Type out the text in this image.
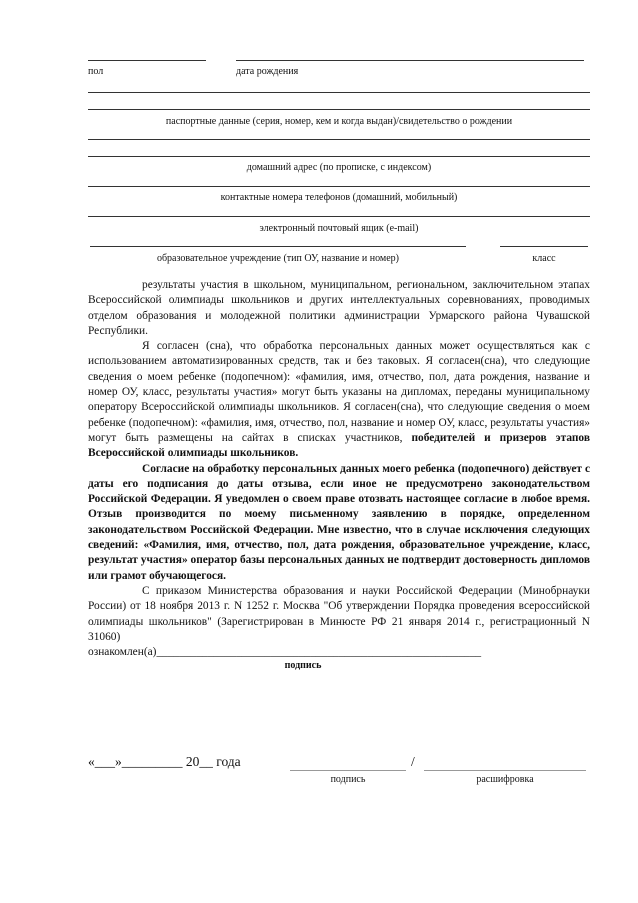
пол	дата рождения
паспортные данные (серия, номер, кем и когда выдан)/свидетельство о рождении
домашний адрес (по прописке, с индексом)
контактные номера телефонов (домашний, мобильный)
электронный почтовый ящик (e-mail)
образовательное учреждение (тип ОУ, название и номер)	класс

результаты участия в школьном, муниципальном, региональном, заключительном этапах Всероссийской олимпиады школьников и других интеллектуальных соревнованиях, проводимых отделом образования и молодежной политики администрации Урмарского района Чувашской Республики.

Я согласен (сна), что обработка персональных данных может осуществляться как с использованием автоматизированных средств, так и без таковых. Я согласен(сна), что следующие сведения о моем ребенке (подопечном): «фамилия, имя, отчество, пол, дата рождения, название и номер ОУ, класс, результаты участия» могут быть указаны на дипломах, переданы муниципальному оператору Всероссийской олимпиады школьников. Я согласен(сна), что следующие сведения о моем ребенке (подопечном): «фамилия, имя, отчество, пол, название и номер ОУ, класс, результаты участия» могут быть размещены на сайтах в списках участников, победителей и призеров этапов Всероссийской олимпиады школьников.

Согласие на обработку персональных данных моего ребенка (подопечного) действует с даты его подписания до даты отзыва, если иное не предусмотрено законодательством Российской Федерации. Я уведомлен о своем праве отозвать настоящее согласие в любое время. Отзыв производится по моему письменному заявлению в порядке, определенном законодательством Российской Федерации. Мне известно, что в случае исключения следующих сведений: «Фамилия, имя, отчество, пол, дата рождения, образовательное учреждение, класс, результат участия» оператор базы персональных данных не подтвердит достоверность дипломов или грамот обучающегося.

С приказом Министерства образования и науки Российской Федерации (Минобрнауки России) от 18 ноября 2013 г. N 1252 г. Москва "Об утверждении Порядка проведения всероссийской олимпиады школьников" (Зарегистрирован в Минюсте РФ 21 января 2014 г., регистрационный N 31060)

ознакомлен(а)_________________________________________________________
подпись
«___»_________ 20__ года	/
подпись	расшифровка
